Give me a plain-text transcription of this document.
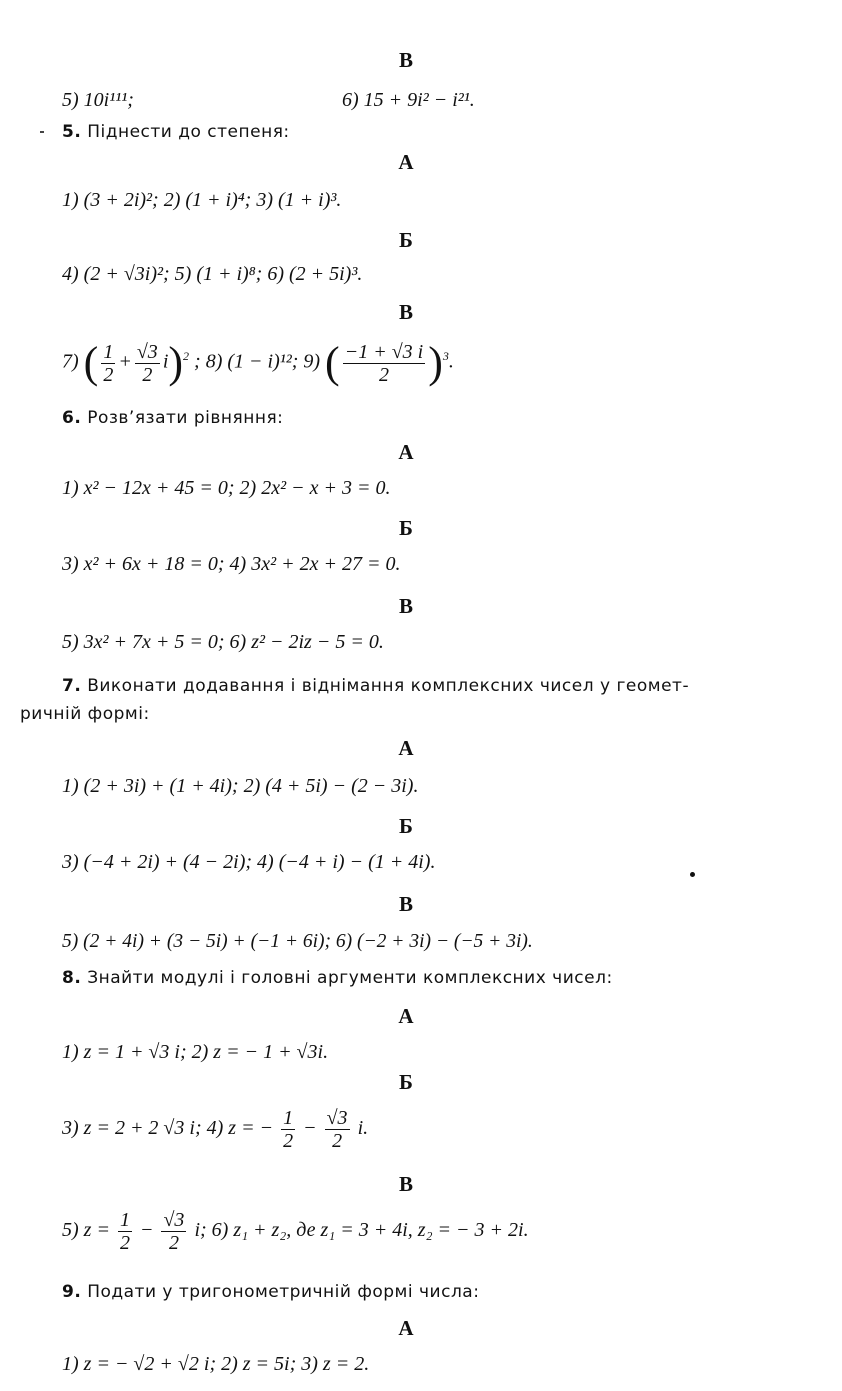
В
5) 10i¹¹¹;	6) 15 + 9i² − i²¹.
5. Піднести до степеня:
А
1) (3 + 2i)²; 2) (1 + i)⁴; 3) (1 + i)³.
Б
4) (2 + √3i)²; 5) (1 + i)⁸; 6) (2 + 5i)³.
В
7) ( $\frac{1}{2} + \frac{√3}{2} i)^2$ ; 8) (1 − i)¹²; 9) ( $\frac{-1 + √3 i}{2} )^3$.
6. Розв’язати рівняння:
А
1) x² − 12x + 45 = 0; 2) 2x² − x + 3 = 0.
Б
3) x² + 6x + 18 = 0; 4) 3x² + 2x + 27 = 0.
В
5) 3x² + 7x + 5 = 0; 6) z² − 2iz − 5 = 0.
7. Виконати додавання і віднімання комплексних чисел у геомет-
ричній формі:
А
1) (2 + 3i) + (1 + 4i); 2) (4 + 5i) − (2 − 3i).
Б
3) (−4 + 2i) + (4 − 2i); 4) (−4 + i) − (1 + 4i).
В
5) (2 + 4i) + (3 − 5i) + (−1 + 6i); 6) (−2 + 3i) − (−5 + 3i).
8. Знайти модулі і головні аргументи комплексних чисел:
А
1) z = 1 + √3 i; 2) z = − 1 + √3i.
Б
3) z = 2 + 2 √3 i; 4) z = − $\frac{1}{2} - \frac{√3}{2} i$.
В
5) $z = \frac{1}{2} - \frac{√3}{2} i$; 6) z₁ + z₂, де z₁ = 3 + 4i, z₂ = − 3 + 2i.
9. Подати у тригонометричній формі числа:
А
1) z = − √2 + √2 i; 2) z = 5i; 3) z = 2.
